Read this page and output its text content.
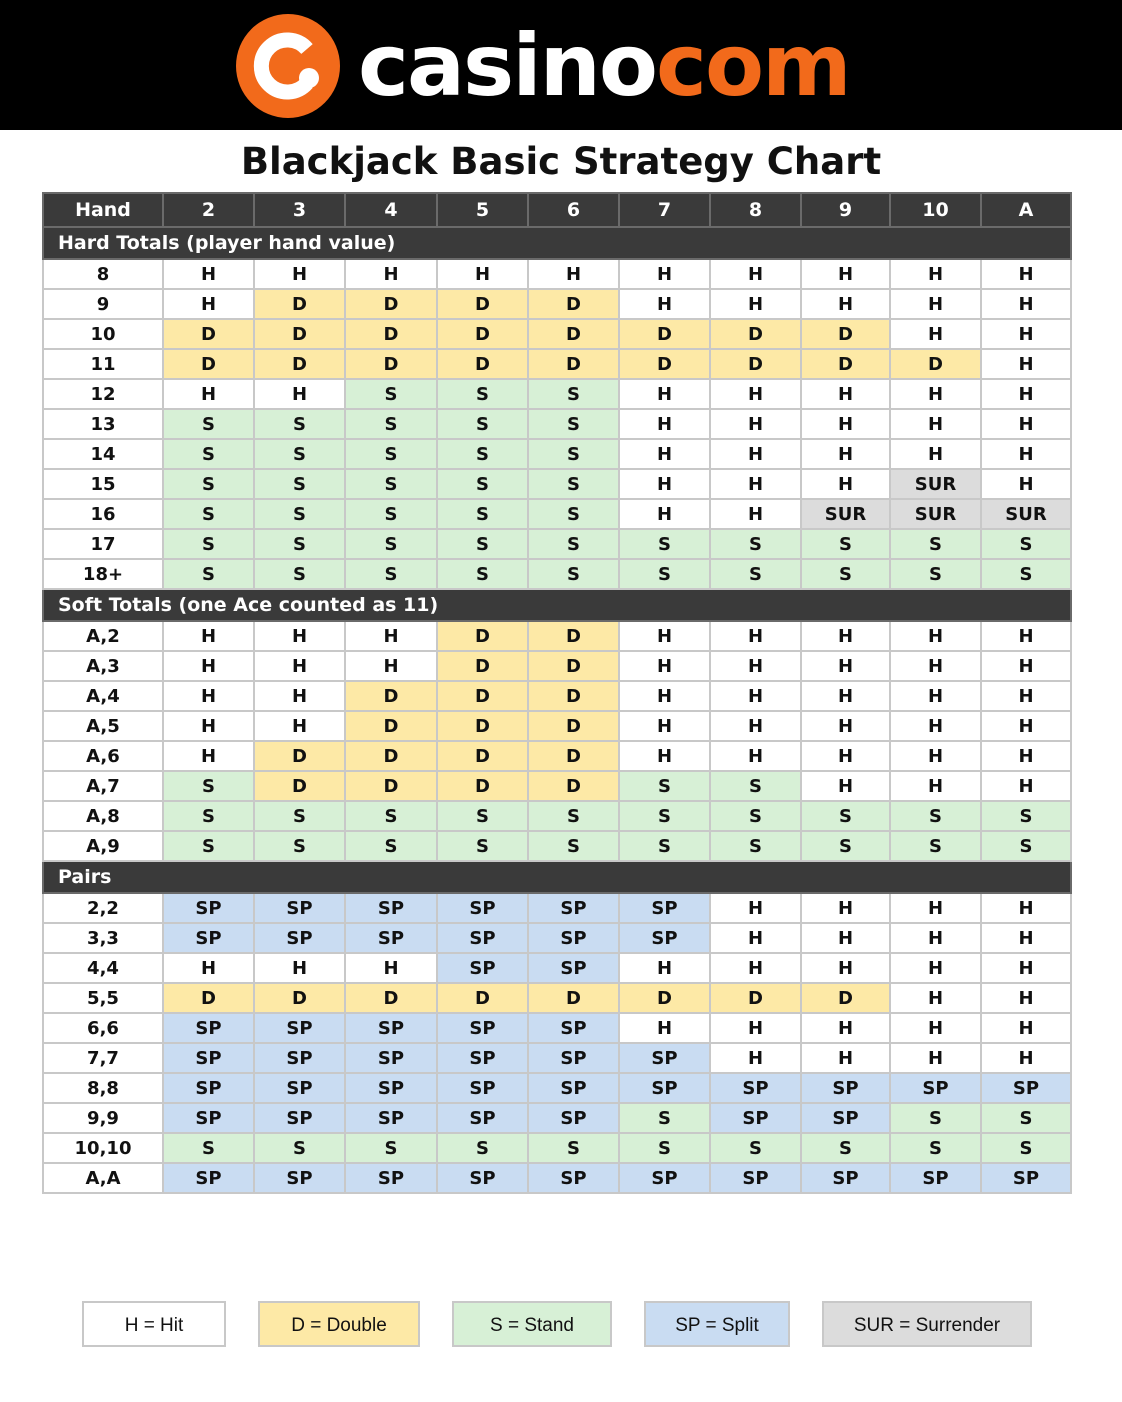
casinocom
Blackjack Basic Strategy Chart
Hand	2	3	4	5	6	7	8	9	10	A
Hard Totals (player hand value)										
8	H	H	H	H	H	H	H	H	H	H
9	H	D	D	D	D	H	H	H	H	H
10	D	D	D	D	D	D	D	D	H	H
11	D	D	D	D	D	D	D	D	D	H
12	H	H	S	S	S	H	H	H	H	H
13	S	S	S	S	S	H	H	H	H	H
14	S	S	S	S	S	H	H	H	H	H
15	S	S	S	S	S	H	H	H	SUR	H
16	S	S	S	S	S	H	H	SUR	SUR	SUR
17	S	S	S	S	S	S	S	S	S	S
18+	S	S	S	S	S	S	S	S	S	S
Soft Totals (one Ace counted as 11)										
A,2	H	H	H	D	D	H	H	H	H	H
A,3	H	H	H	D	D	H	H	H	H	H
A,4	H	H	D	D	D	H	H	H	H	H
A,5	H	H	D	D	D	H	H	H	H	H
A,6	H	D	D	D	D	H	H	H	H	H
A,7	S	D	D	D	D	S	S	H	H	H
A,8	S	S	S	S	S	S	S	S	S	S
A,9	S	S	S	S	S	S	S	S	S	S
Pairs										
2,2	SP	SP	SP	SP	SP	SP	H	H	H	H
3,3	SP	SP	SP	SP	SP	SP	H	H	H	H
4,4	H	H	H	SP	SP	H	H	H	H	H
5,5	D	D	D	D	D	D	D	D	H	H
6,6	SP	SP	SP	SP	SP	H	H	H	H	H
7,7	SP	SP	SP	SP	SP	SP	H	H	H	H
8,8	SP	SP	SP	SP	SP	SP	SP	SP	SP	SP
9,9	SP	SP	SP	SP	SP	S	SP	SP	S	S
10,10	S	S	S	S	S	S	S	S	S	S
A,A	SP	SP	SP	SP	SP	SP	SP	SP	SP	SP
H = Hit	D = Double	S = Stand	SP = Split	SUR = Surrender
